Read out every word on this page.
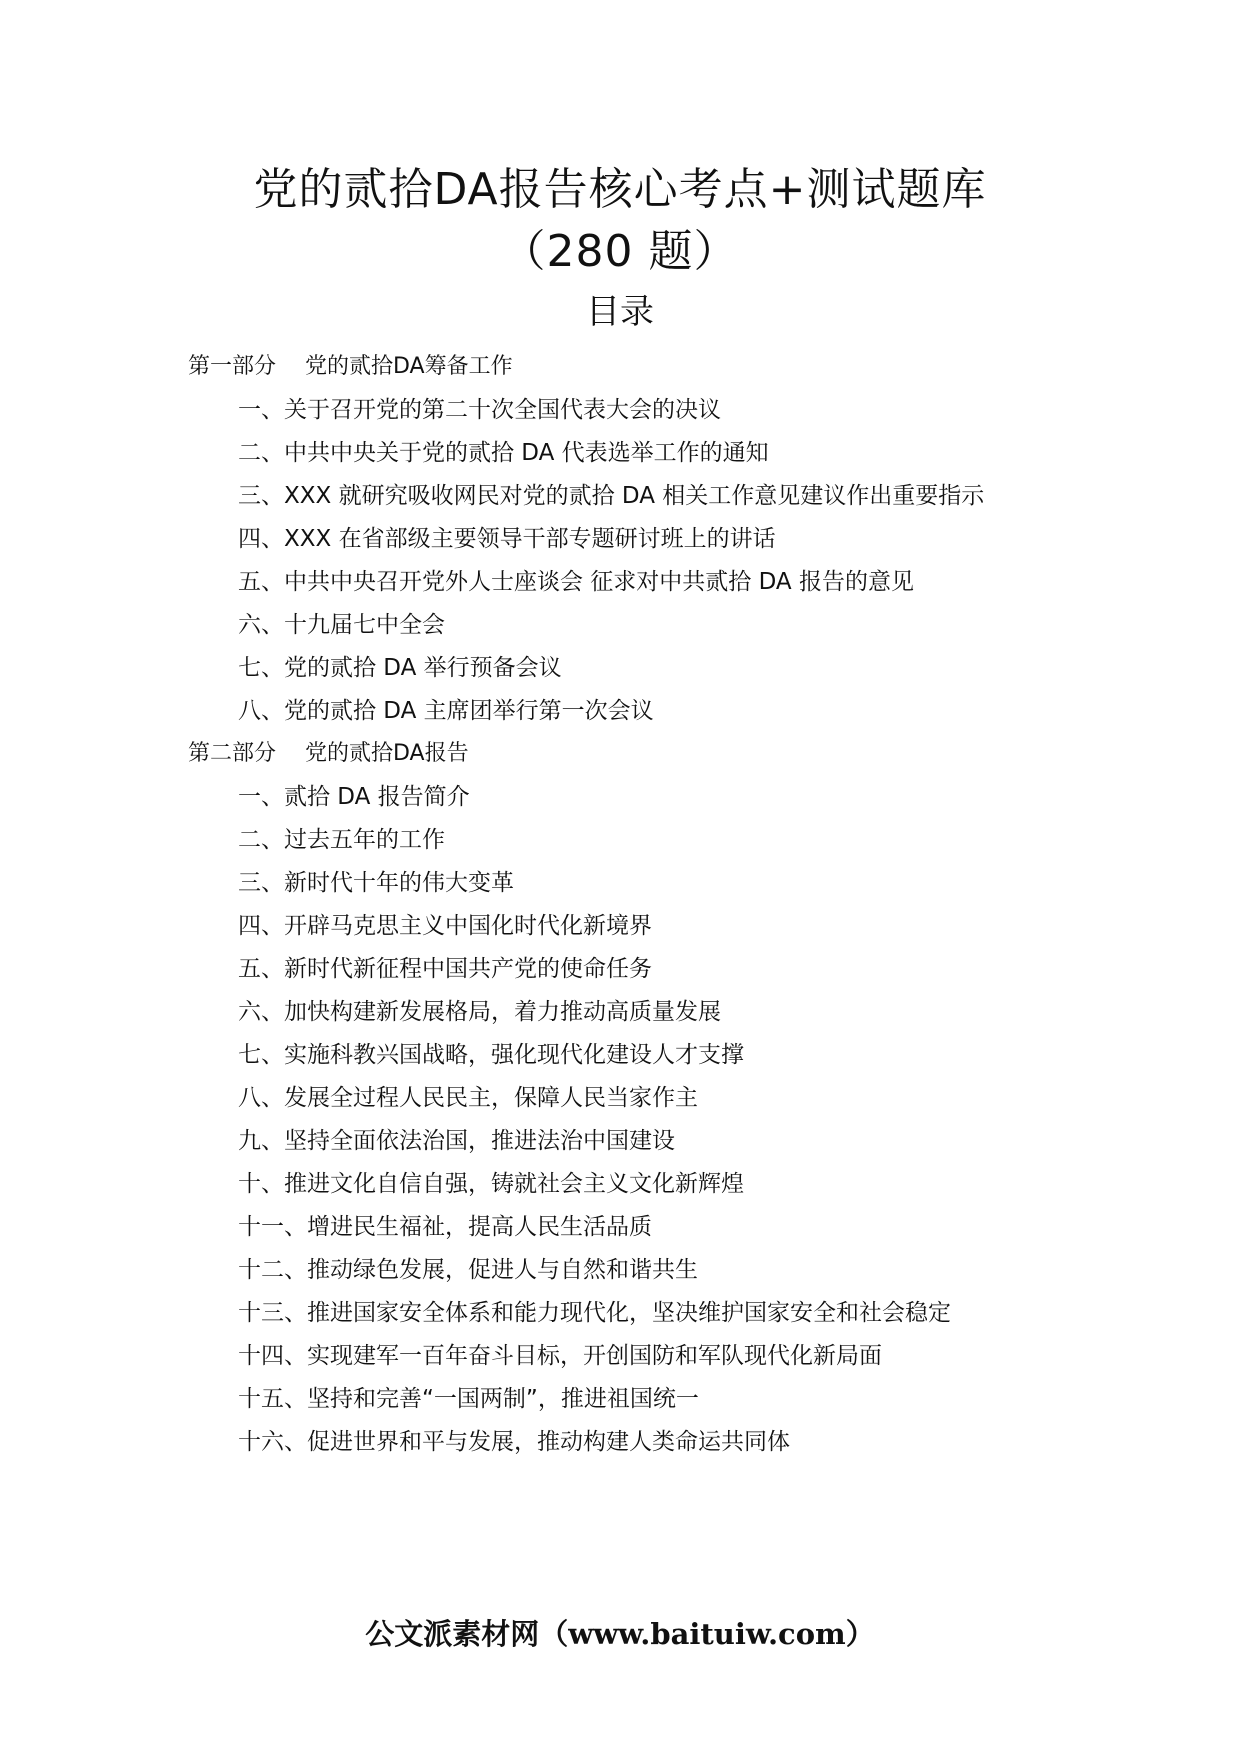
党的贰拾DA报告核心考点+测试题库
（280 题）
目录
第一部分　 党的贰拾DA筹备工作
一、关于召开党的第二十次全国代表大会的决议
二、中共中央关于党的贰拾 DA 代表选举工作的通知
三、XXX 就研究吸收网民对党的贰拾 DA 相关工作意见建议作出重要指示
四、XXX 在省部级主要领导干部专题研讨班上的讲话
五、中共中央召开党外人士座谈会 征求对中共贰拾 DA 报告的意见
六、十九届七中全会
七、党的贰拾 DA 举行预备会议
八、党的贰拾 DA 主席团举行第一次会议
第二部分　 党的贰拾DA报告
一、贰拾 DA 报告简介
二、过去五年的工作
三、新时代十年的伟大变革
四、开辟马克思主义中国化时代化新境界
五、新时代新征程中国共产党的使命任务
六、加快构建新发展格局，着力推动高质量发展
七、实施科教兴国战略，强化现代化建设人才支撑
八、发展全过程人民民主，保障人民当家作主
九、坚持全面依法治国，推进法治中国建设
十、推进文化自信自强，铸就社会主义文化新辉煌
十一、增进民生福祉，提高人民生活品质
十二、推动绿色发展，促进人与自然和谐共生
十三、推进国家安全体系和能力现代化，坚决维护国家安全和社会稳定
十四、实现建军一百年奋斗目标，开创国防和军队现代化新局面
十五、坚持和完善“一国两制”，推进祖国统一
十六、促进世界和平与发展，推动构建人类命运共同体
公文派素材网（www.baituiw.com）
